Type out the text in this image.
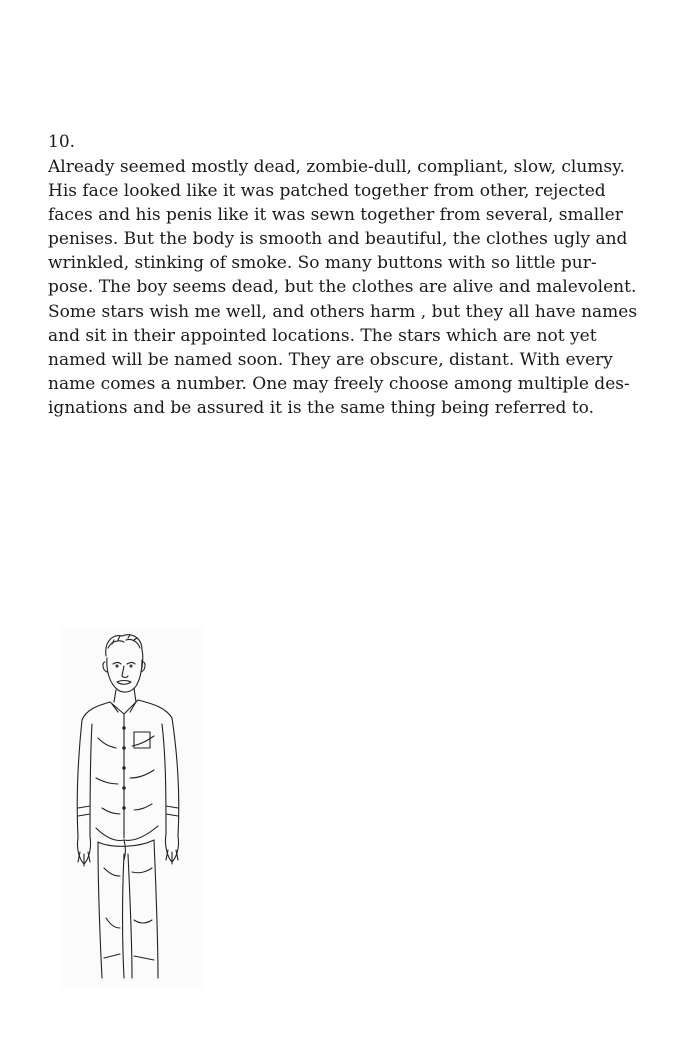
10.
Already seemed mostly dead, zombie-dull, compliant, slow, clumsy.
His face looked like it was patched together from other, rejected
faces and his penis like it was sewn together from several, smaller
penises. But the body is smooth and beautiful, the clothes ugly and
wrinkled, stinking of smoke. So many buttons with so little pur-
pose. The boy seems dead, but the clothes are alive and malevolent.
Some stars wish me well, and others harm , but they all have names
and sit in their appointed locations. The stars which are not yet
named will be named soon. They are obscure, distant. With every
name comes a number. One may freely choose among multiple des-
ignations and be assured it is the same thing being referred to.
